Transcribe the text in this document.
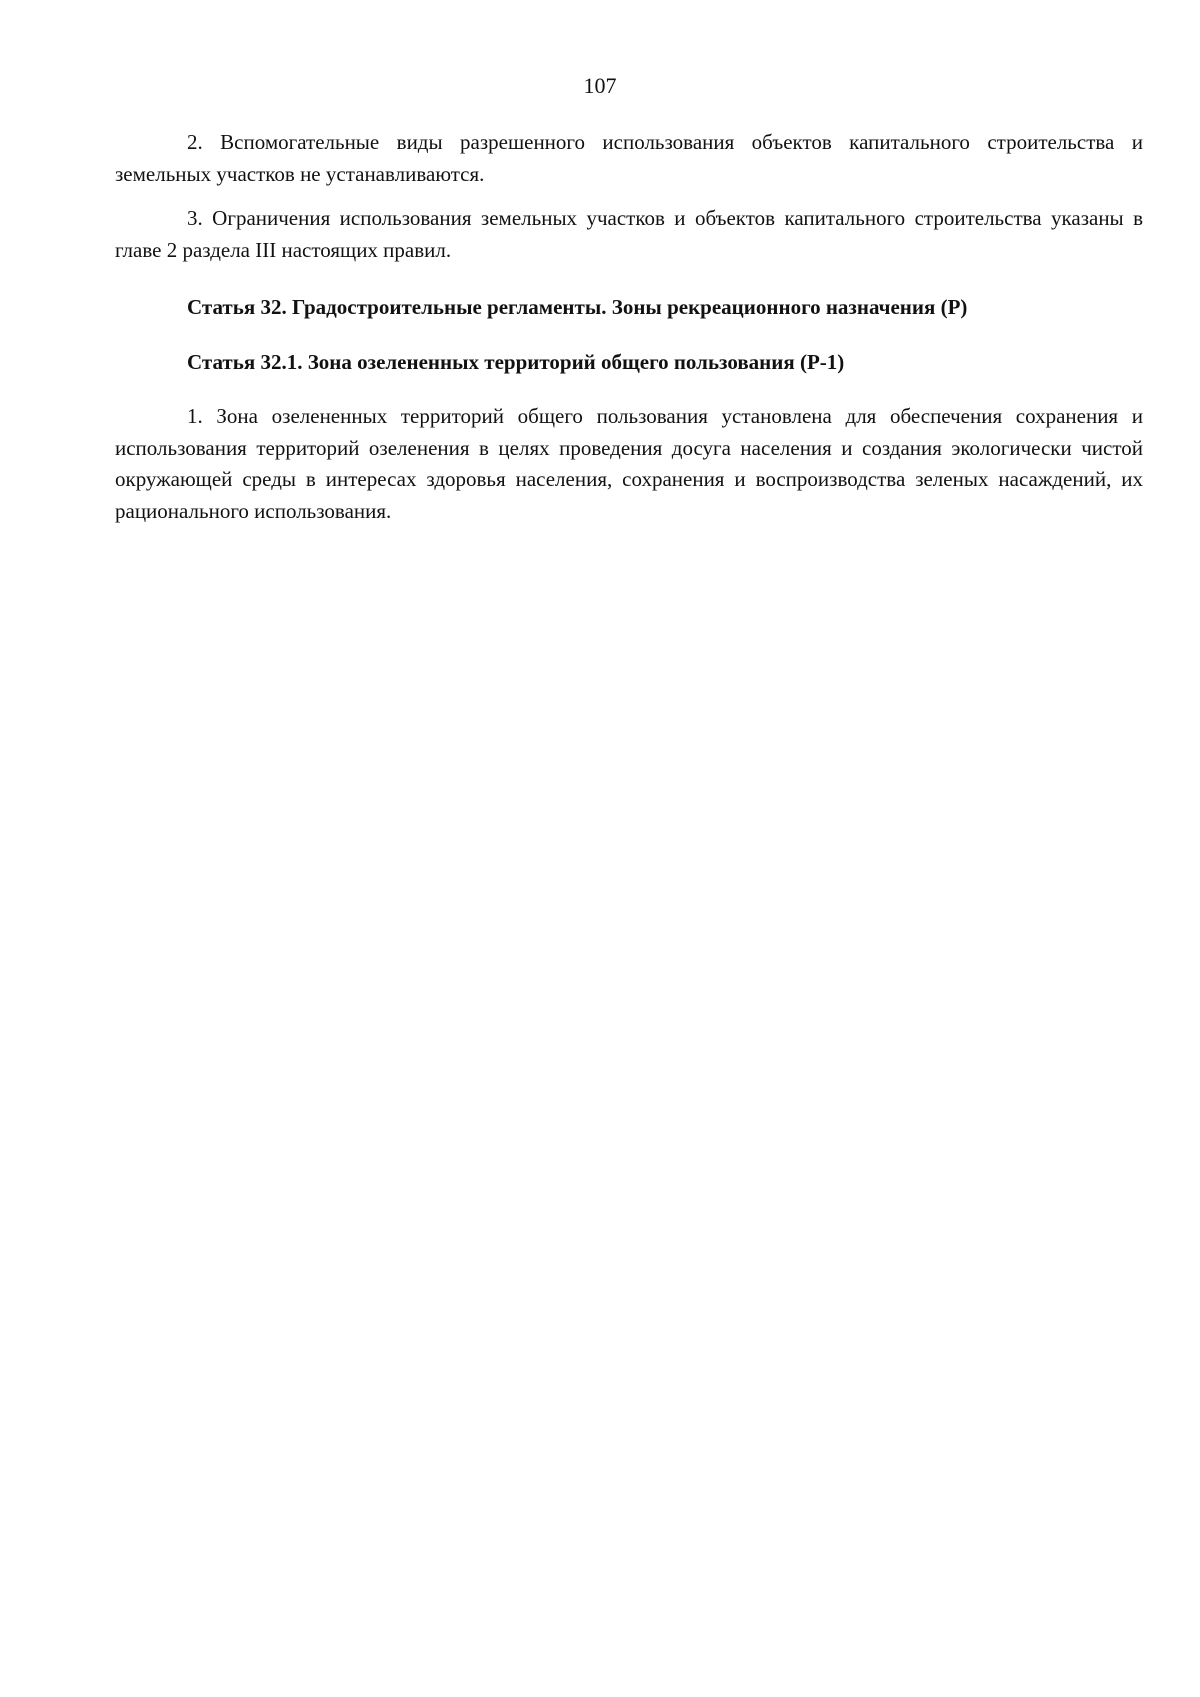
107

2. Вспомогательные виды разрешенного использования объектов капитального строительства и земельных участков не устанавливаются.

3. Ограничения использования земельных участков и объектов капитального строительства указаны в главе 2 раздела III настоящих правил.

Статья 32. Градостроительные регламенты. Зоны рекреационного назначения (Р)
Статья 32.1. Зона озелененных территорий общего пользования (Р-1)

1. Зона озелененных территорий общего пользования установлена для обеспечения сохранения и использования территорий озеленения в целях проведения досуга населения и создания экологически чистой окружающей среды в интересах здоровья населения, сохранения и воспроизводства зеленых насаждений, их рационального использования.
